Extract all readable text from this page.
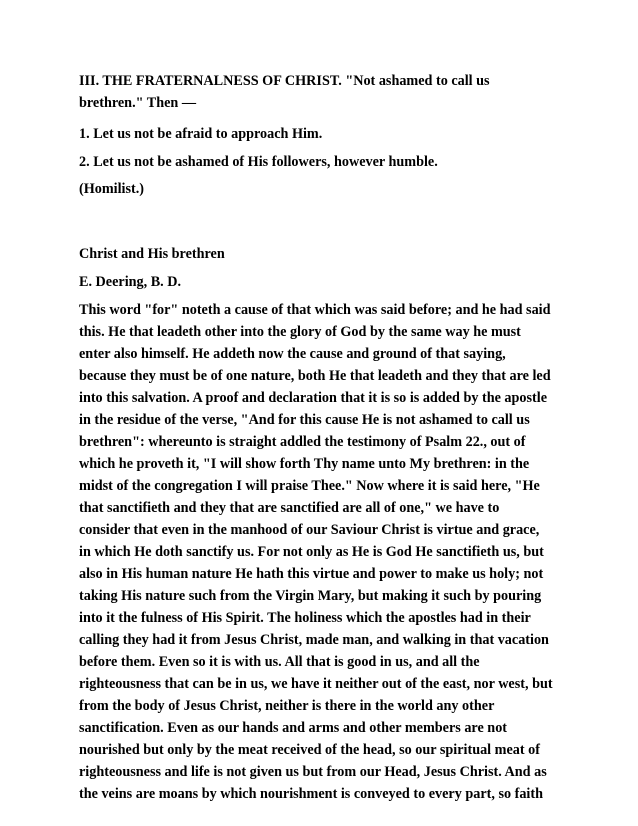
III. THE FRATERNALNESS OF CHRIST. "Not ashamed to call us
brethren." Then —
1. Let us not be afraid to approach Him.
2. Let us not be ashamed of His followers, however humble.
(Homilist.)
Christ and His brethren
E. Deering, B. D.
This word "for" noteth a cause of that which was said before; and he had said
this. He that leadeth other into the glory of God by the same way he must
enter also himself. He addeth now the cause and ground of that saying,
because they must be of one nature, both He that leadeth and they that are led
into this salvation. A proof and declaration that it is so is added by the apostle
in the residue of the verse, "And for this cause He is not ashamed to call us
brethren": whereunto is straight addled the testimony of Psalm 22., out of
which he proveth it, "I will show forth Thy name unto My brethren: in the
midst of the congregation I will praise Thee." Now where it is said here, "He
that sanctifieth and they that are sanctified are all of one," we have to
consider that even in the manhood of our Saviour Christ is virtue and grace,
in which He doth sanctify us. For not only as He is God He sanctifieth us, but
also in His human nature He hath this virtue and power to make us holy; not
taking His nature such from the Virgin Mary, but making it such by pouring
into it the fulness of His Spirit. The holiness which the apostles had in their
calling they had it from Jesus Christ, made man, and walking in that vacation
before them. Even so it is with us. All that is good in us, and all the
righteousness that can be in us, we have it neither out of the east, nor west, but
from the body of Jesus Christ, neither is there in the world any other
sanctification. Even as our hands and arms and other members are not
nourished but only by the meat received of the head, so our spiritual meat of
righteousness and life is not given us but from our Head, Jesus Christ. And as
the veins are moans by which nourishment is conveyed to every part, so faith
